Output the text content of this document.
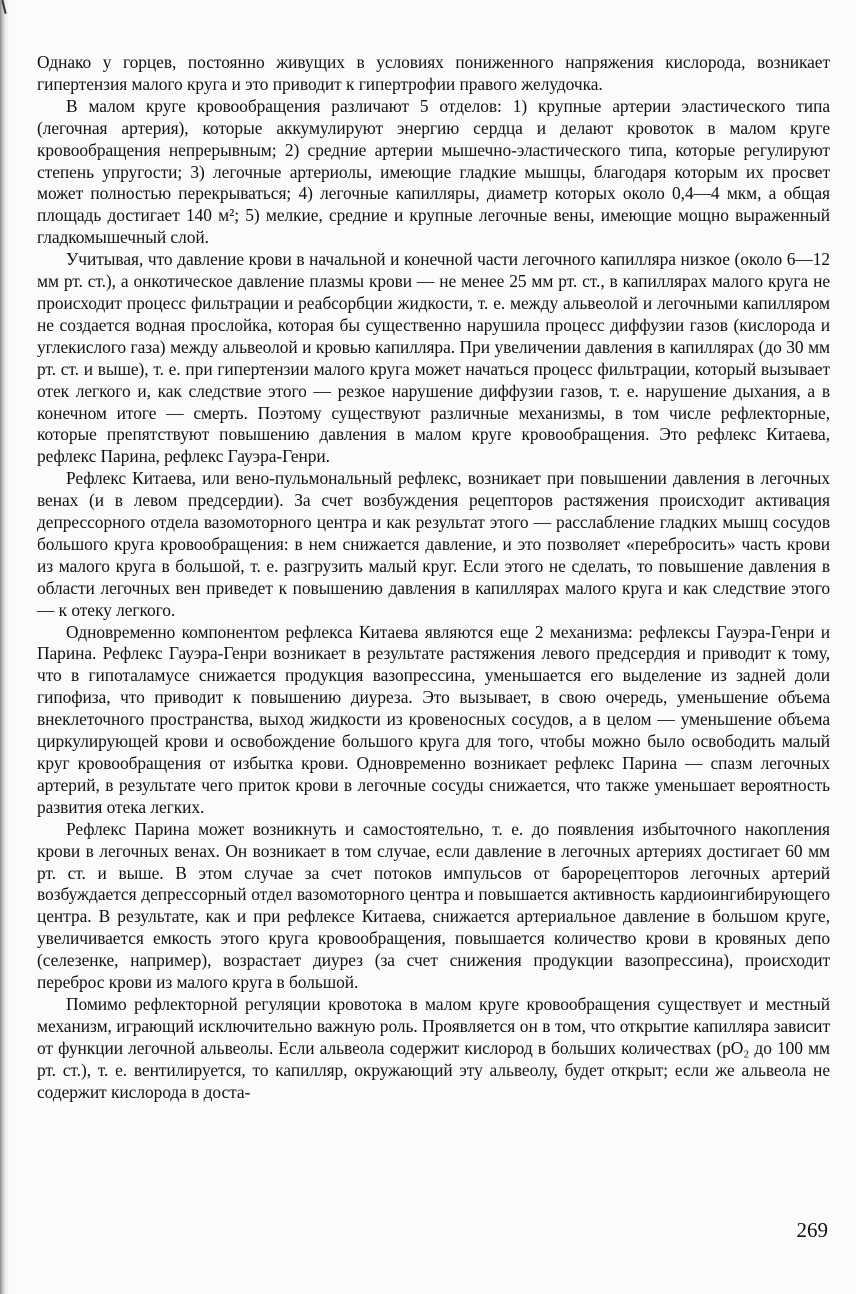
Однако у горцев, постоянно живущих в условиях пониженного напряжения кислорода, возникает гипертензия малого круга и это приводит к гипертрофии правого желудочка.

В малом круге кровообращения различают 5 отделов: 1) крупные артерии эластического типа (легочная артерия), которые аккумулируют энергию сердца и делают кровоток в малом круге кровообращения непрерывным; 2) средние артерии мышечно-эластического типа, которые регулируют степень упругости; 3) легочные артериолы, имеющие гладкие мышцы, благодаря которым их просвет может полностью перекрываться; 4) легочные капилляры, диаметр которых около 0,4—4 мкм, а общая площадь достигает 140 м²; 5) мелкие, средние и крупные легочные вены, имеющие мощно выраженный гладкомышечный слой.

Учитывая, что давление крови в начальной и конечной части легочного капилляра низкое (около 6—12 мм рт. ст.), а онкотическое давление плазмы крови — не менее 25 мм рт. ст., в капиллярах малого круга не происходит процесс фильтрации и реабсорбции жидкости, т. е. между альвеолой и легочными капилляром не создается водная прослойка, которая бы существенно нарушила процесс диффузии газов (кислорода и углекислого газа) между альвеолой и кровью капилляра. При увеличении давления в капиллярах (до 30 мм рт. ст. и выше), т. е. при гипертензии малого круга может начаться процесс фильтрации, который вызывает отек легкого и, как следствие этого — резкое нарушение диффузии газов, т. е. нарушение дыхания, а в конечном итоге — смерть. Поэтому существуют различные механизмы, в том числе рефлекторные, которые препятствуют повышению давления в малом круге кровообращения. Это рефлекс Китаева, рефлекс Парина, рефлекс Гауэра-Генри.

Рефлекс Китаева, или вено-пульмональный рефлекс, возникает при повышении давления в легочных венах (и в левом предсердии). За счет возбуждения рецепторов растяжения происходит активация депрессорного отдела вазомоторного центра и как результат этого — расслабление гладких мышц сосудов большого круга кровообращения: в нем снижается давление, и это позволяет «перебросить» часть крови из малого круга в большой, т. е. разгрузить малый круг. Если этого не сделать, то повышение давления в области легочных вен приведет к повышению давления в капиллярах малого круга и как следствие этого — к отеку легкого.

Одновременно компонентом рефлекса Китаева являются еще 2 механизма: рефлексы Гауэра-Генри и Парина. Рефлекс Гауэра-Генри возникает в результате растяжения левого предсердия и приводит к тому, что в гипоталамусе снижается продукция вазопрессина, уменьшается его выделение из задней доли гипофиза, что приводит к повышению диуреза. Это вызывает, в свою очередь, уменьшение объема внеклеточного пространства, выход жидкости из кровеносных сосудов, а в целом — уменьшение объема циркулирующей крови и освобождение большого круга для того, чтобы можно было освободить малый круг кровообращения от избытка крови. Одновременно возникает рефлекс Парина — спазм легочных артерий, в результате чего приток крови в легочные сосуды снижается, что также уменьшает вероятность развития отека легких.

Рефлекс Парина может возникнуть и самостоятельно, т. е. до появления избыточного накопления крови в легочных венах. Он возникает в том случае, если давление в легочных артериях достигает 60 мм рт. ст. и выше. В этом случае за счет потоков импульсов от барорецепторов легочных артерий возбуждается депрессорный отдел вазомоторного центра и повышается активность кардиоингибирующего центра. В результате, как и при рефлексе Китаева, снижается артериальное давление в большом круге, увеличивается емкость этого круга кровообращения, повышается количество крови в кровяных депо (селезенке, например), возрастает диурез (за счет снижения продукции вазопрессина), происходит переброс крови из малого круга в большой.

Помимо рефлекторной регуляции кровотока в малом круге кровообращения существует и местный механизм, играющий исключительно важную роль. Проявляется он в том, что открытие капилляра зависит от функции легочной альвеолы. Если альвеола содержит кислород в больших количествах (pO₂ до 100 мм рт. ст.), т. е. вентилируется, то капилляр, окружающий эту альвеолу, будет открыт; если же альвеола не содержит кислорода в доста-

269
